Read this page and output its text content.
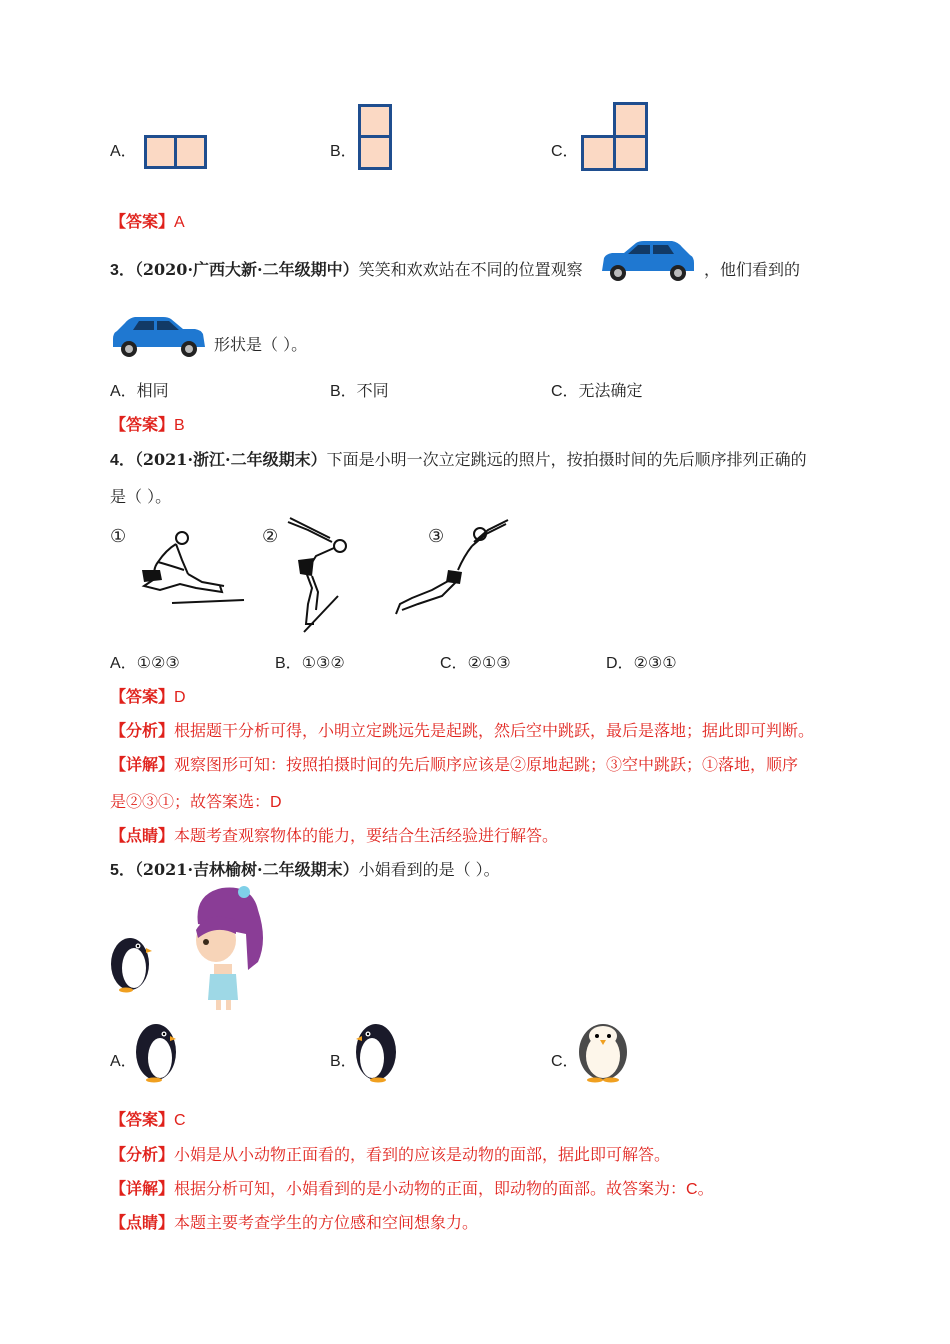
A．	B．	C．
【答案】A
3．（2020·广西大新·二年级期中）笑笑和欢欢站在不同的位置观察	，他们看到的
形状是（ ）。
A．相同	B．不同	C．无法确定
【答案】B
4．（2021·浙江·二年级期末）下面是小明一次立定跳远的照片，按拍摄时间的先后顺序排列正确的
是（ ）。
①	②	③
A．①②③	B．①③②	C．②①③	D．②③①
【答案】D
【分析】根据题干分析可得，小明立定跳远先是起跳，然后空中跳跃，最后是落地；据此即可判断。
【详解】观察图形可知：按照拍摄时间的先后顺序应该是②原地起跳；③空中跳跃；①落地，顺序
是②③①；故答案选：D
【点睛】本题考查观察物体的能力，要结合生活经验进行解答。
5．（2021·吉林榆树·二年级期末）小娟看到的是（ ）。
A．	B．	C．
【答案】C
【分析】小娟是从小动物正面看的，看到的应该是动物的面部，据此即可解答。
【详解】根据分析可知，小娟看到的是小动物的正面，即动物的面部。故答案为：C。
【点睛】本题主要考查学生的方位感和空间想象力。
